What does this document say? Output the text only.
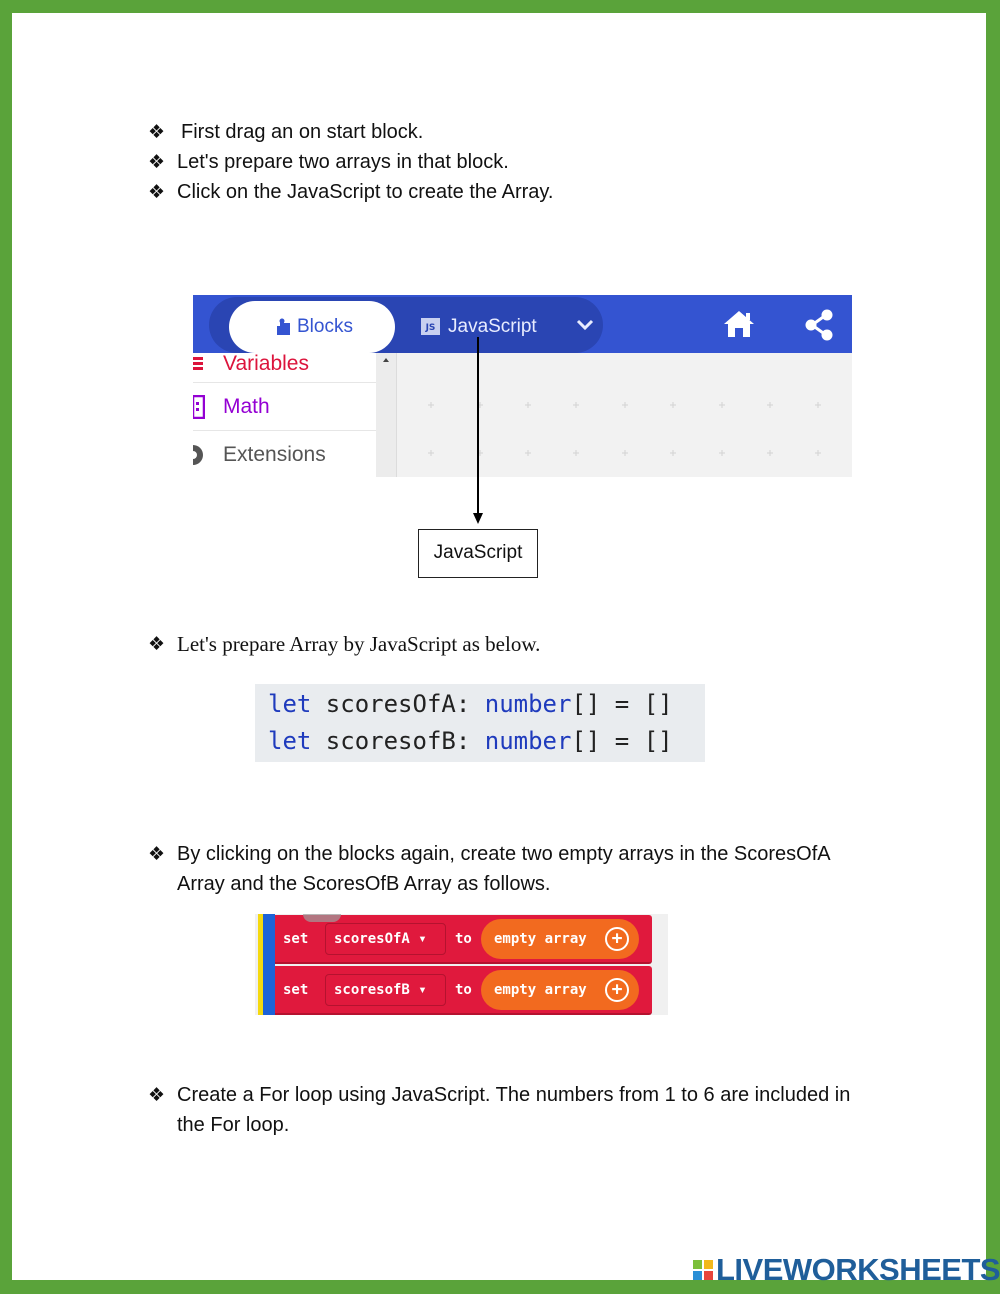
❖ First drag an on start block.
❖ Let's prepare two arrays in that block.
❖ Click on the JavaScript to create the Array.
Blocks	JS JavaScript
Variables
Math
Extensions
JavaScript
❖ Let's prepare Array by JavaScript as below.
let scoresOfA: number[] = []
let scoresofB: number[] = []
❖ By clicking on the blocks again, create two empty arrays in the ScoresOfA
Array and the ScoresOfB Array as follows.
set	scoresOfA ▾	to	empty array	+
set	scoresofB ▾	to	empty array	+
❖ Create a For loop using JavaScript. The numbers from 1 to 6 are included in
the For loop.
LIVEWORKSHEETS
